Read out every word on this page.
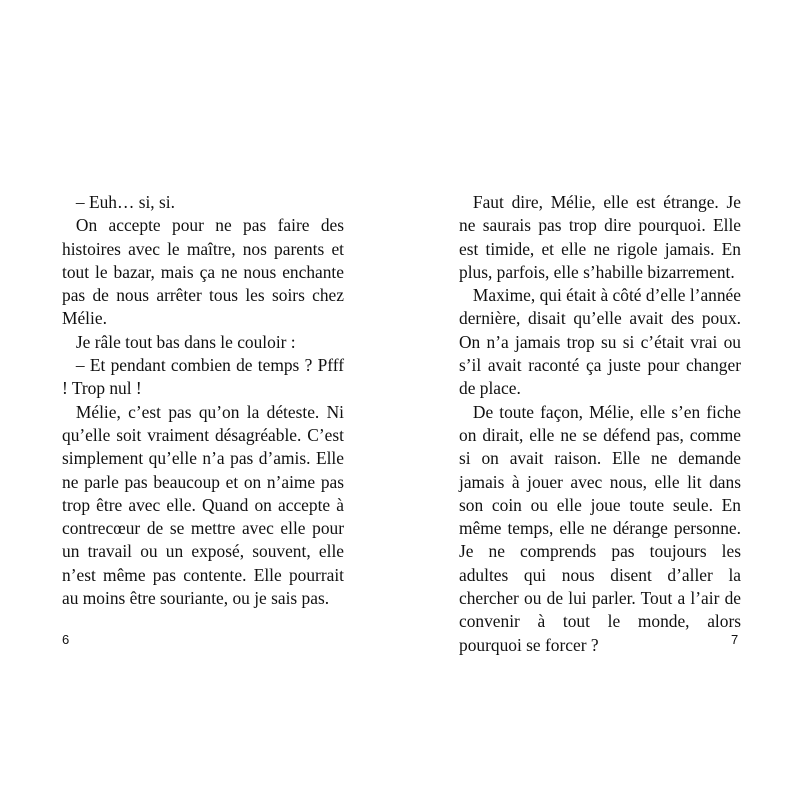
– Euh… si, si.

On accepte pour ne pas faire des histoires avec le maître, nos parents et tout le bazar, mais ça ne nous enchante pas de nous arrêter tous les soirs chez Mélie.

Je râle tout bas dans le couloir :

– Et pendant combien de temps ? Pfff ! Trop nul !

Mélie, c’est pas qu’on la déteste. Ni qu’elle soit vraiment désagréable. C’est simplement qu’elle n’a pas d’amis. Elle ne parle pas beaucoup et on n’aime pas trop être avec elle. Quand on accepte à contrecœur de se mettre avec elle pour un travail ou un exposé, souvent, elle n’est même pas contente. Elle pourrait au moins être souriante, ou je sais pas.

Faut dire, Mélie, elle est étrange. Je ne saurais pas trop dire pourquoi. Elle est timide, et elle ne rigole jamais. En plus, parfois, elle s’habille bizarrement.

Maxime, qui était à côté d’elle l’année dernière, disait qu’elle avait des poux. On n’a jamais trop su si c’était vrai ou s’il avait raconté ça juste pour changer de place.

De toute façon, Mélie, elle s’en fiche on dirait, elle ne se défend pas, comme si on avait raison. Elle ne demande jamais à jouer avec nous, elle lit dans son coin ou elle joue toute seule. En même temps, elle ne dérange personne. Je ne comprends pas toujours les adultes qui nous disent d’aller la chercher ou de lui parler. Tout a l’air de convenir à tout le monde, alors pourquoi se forcer ?

6	7
